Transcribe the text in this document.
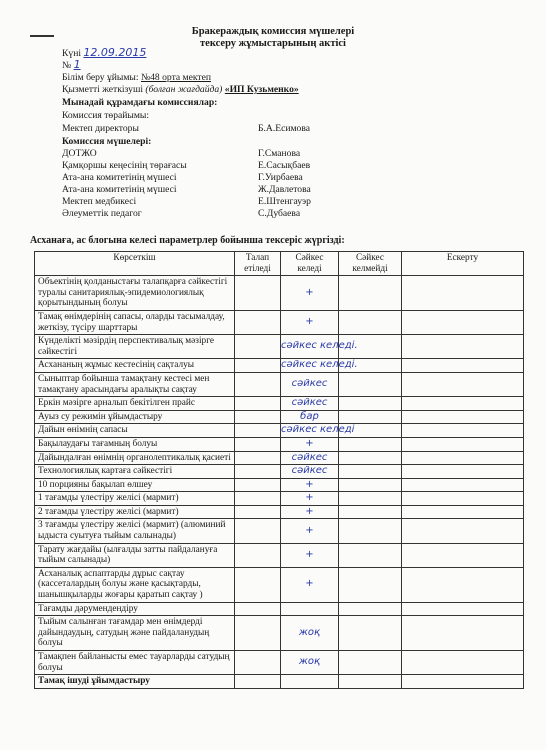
Бракераждық комиссия мүшелері
тексеру жұмыстарының актісі
Күні 12.09.2015
№ 1
Білім беру ұйымы: №48 орта мектеп
Қызметті жеткізуші (болған жағдайда) «ИП Кузьменко»
Мынадай құрамдағы комиссиялар:
Комиссия төрайымы:
Мектеп директоры	Б.А.Есимова
Комиссия мүшелері:
ДОТЖО	Г.Сманова
Қамқоршы кеңесінің төрағасы	Е.Сасықбаев
Ата-ана комитетінің мүшесі	Г.Уирбаева
Ата-ана комитетінің мүшесі	Ж.Давлетова
Мектеп медбикесі	Е.Штенгауэр
Әлеуметтік педагог	С.Дубаева
Асханаға, ас блогына келесі параметрлер бойынша тексеріс жүргізді:
Көрсеткіш	Талап етіледі	Сәйкес келеді	Сәйкес келмейді	Ескерту
Объектінің қолданыстағы талапқарға сәйкестігі туралы санитариялық-эпидемиологиялық қорытындының болуы		+		
Тамақ өнімдерінің сапасы, оларды тасымалдау, жеткізу, түсіру шарттары		+		
Күнделікті мәзірдің перспективалық мәзірге сәйкестігі		сәйкес келеді.		
Асхананың жұмыс кестесінің сақталуы		сәйкес келеді.		
Сыныптар бойынша тамақтану кестесі мен тамақтану арасындағы аралықты сақтау		сәйкес		
Еркін мәзірге арналып бекітілген прайс		сәйкес		
Ауыз су режимін ұйымдастыру		бар		
Дайын өнімнің сапасы		сәйкес келеді		
Бақылаудағы тағамның болуы		+		
Дайындалған өнімнің органолептикалық қасиеті		сәйкес		
Технологиялық картаға сәйкестігі		сәйкес		
10 порцияны бақылап өлшеу		+		
1 тағамды үлестіру желісі (мармит)		+		
2 тағамды үлестіру желісі (мармит)		+		
3 тағамды үлестіру желісі (мармит) (алюминий ыдыста суытуға тыйым салынады)		+		
Тарату жағдайы (ылғалды затты пайдалануға тыйым салынады)		+		
Асханалық аспаптарды дұрыс сақтау (кассеталардың болуы және қасықтарды, шанышқыларды жоғары қаратып сақтау )		+		
Тағамды дәрумендендіру				
Тыйым салынған тағамдар мен өнімдерді дайындаудың, сатудың және пайдаланудың болуы		жоқ		
Тамақпен байланысты емес тауарларды сатудың болуы		жоқ		
Тамақ ішуді ұйымдастыру				
